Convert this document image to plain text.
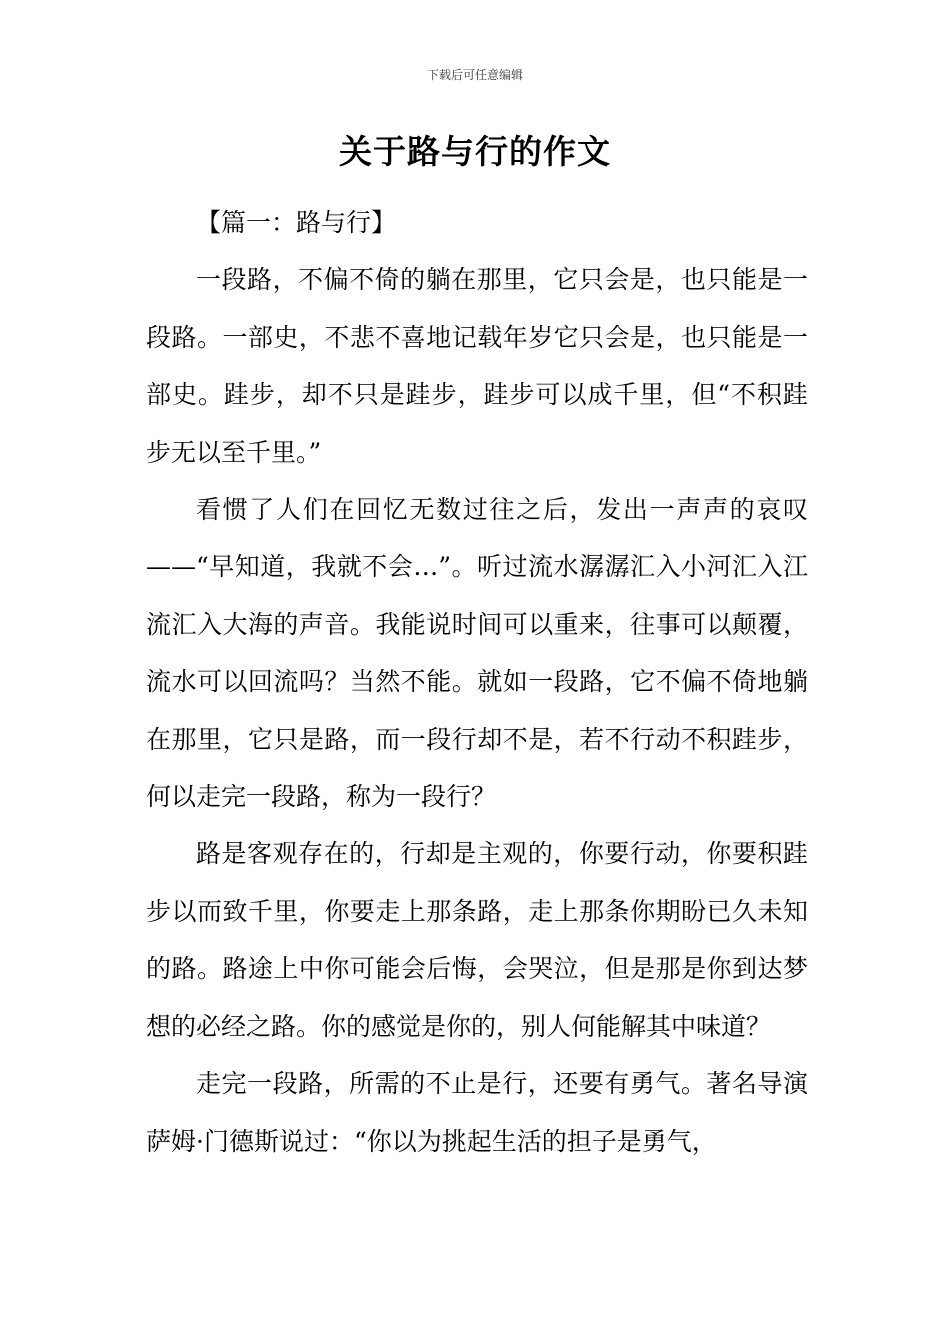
下载后可任意编辑
关于路与行的作文

【篇一：路与行】

一段路，不偏不倚的躺在那里，它只会是，也只能是一段路。一部史，不悲不喜地记载年岁它只会是，也只能是一部史。跬步，却不只是跬步，跬步可以成千里，但“不积跬步无以至千里。”

看惯了人们在回忆无数过往之后，发出一声声的哀叹——“早知道，我就不会…”。听过流水潺潺汇入小河汇入江流汇入大海的声音。我能说时间可以重来，往事可以颠覆，流水可以回流吗？当然不能。就如一段路，它不偏不倚地躺在那里，它只是路，而一段行却不是，若不行动不积跬步，何以走完一段路，称为一段行？

路是客观存在的，行却是主观的，你要行动，你要积跬步以而致千里，你要走上那条路，走上那条你期盼已久未知的路。路途上中你可能会后悔，会哭泣，但是那是你到达梦想的必经之路。你的感觉是你的，别人何能解其中味道？

走完一段路，所需的不止是行，还要有勇气。著名导演萨姆·门德斯说过：“你以为挑起生活的担子是勇气，
